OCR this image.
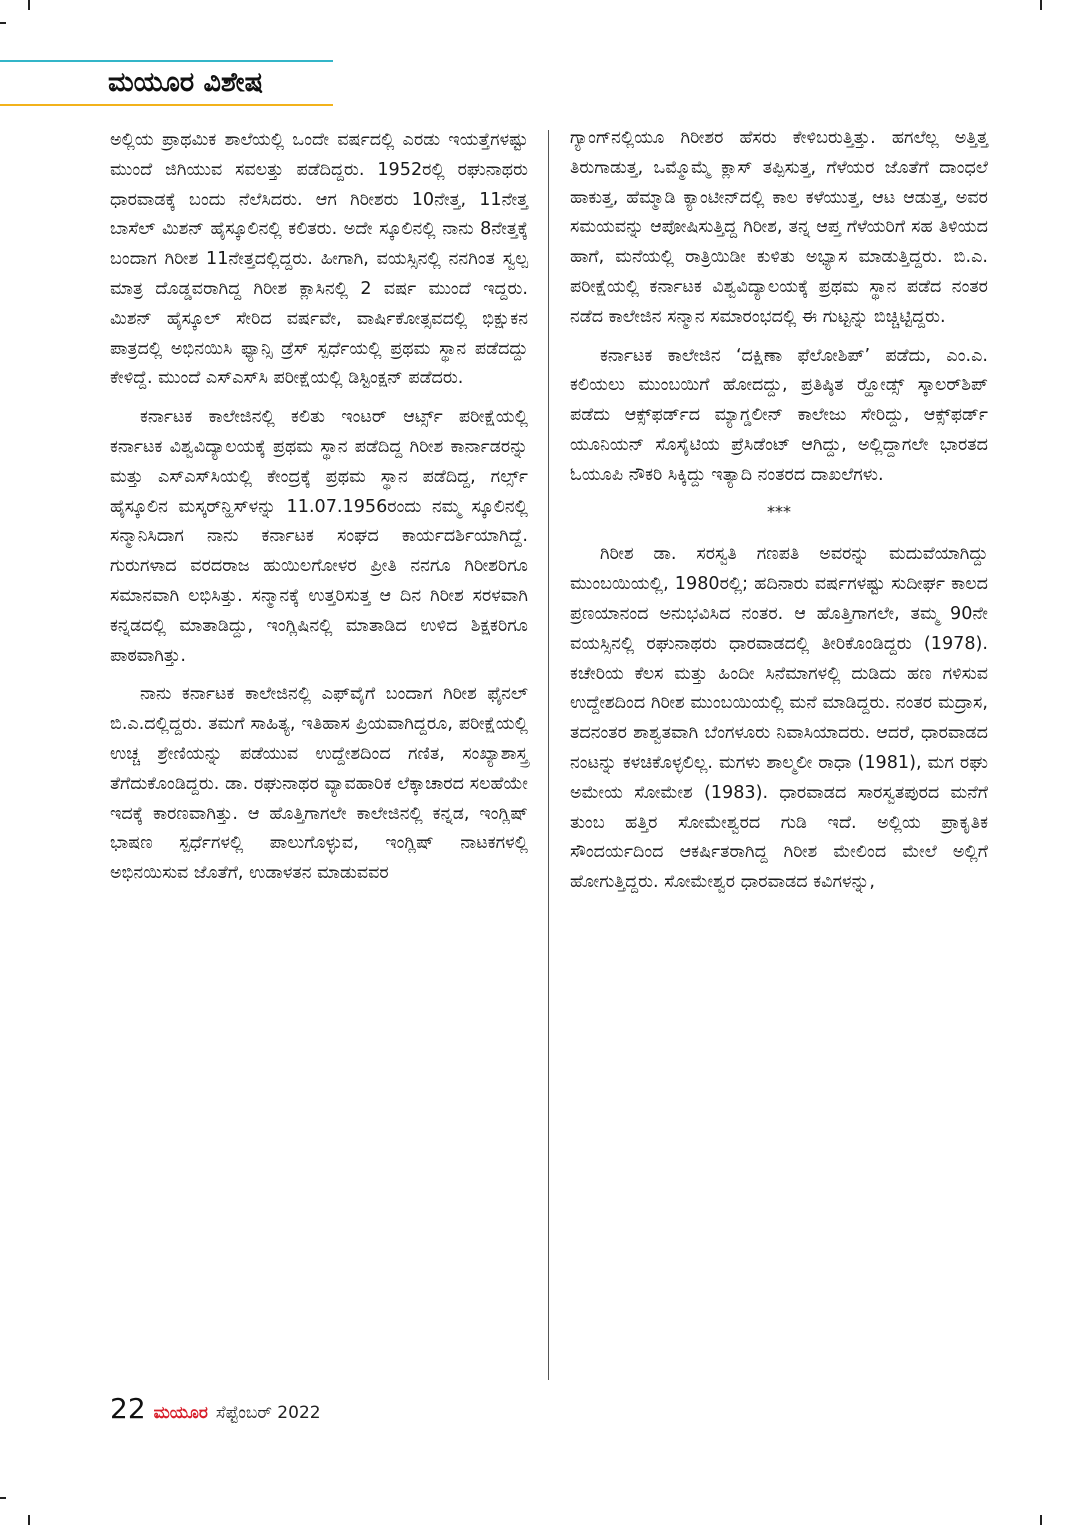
ಮಯೂರ ವಿಶೇಷ

ಅಲ್ಲಿಯ ಪ್ರಾಥಮಿಕ ಶಾಲೆಯಲ್ಲಿ ಒಂದೇ ವರ್ಷದಲ್ಲಿ ಎರಡು ಇಯತ್ತೆಗಳಷ್ಟು ಮುಂದೆ ಜಿಗಿಯುವ ಸವಲತ್ತು ಪಡೆದಿದ್ದರು. 1952ರಲ್ಲಿ ರಘುನಾಥರು ಧಾರವಾಡಕ್ಕೆ ಬಂದು ನೆಲೆಸಿದರು. ಆಗ ಗಿರೀಶರು 10ನೇತ್ತ, 11ನೇತ್ತ ಬಾಸೆಲ್ ಮಿಶನ್ ಹೈಸ್ಕೂಲಿನಲ್ಲಿ ಕಲಿತರು. ಅದೇ ಸ್ಕೂಲಿನಲ್ಲಿ ನಾನು 8ನೇತ್ತಕ್ಕೆ ಬಂದಾಗ ಗಿರೀಶ 11ನೇತ್ತದಲ್ಲಿದ್ದರು. ಹೀಗಾಗಿ, ವಯಸ್ಸಿನಲ್ಲಿ ನನಗಿಂತ ಸ್ವಲ್ಪ ಮಾತ್ರ ದೊಡ್ಡವರಾಗಿದ್ದ ಗಿರೀಶ ಕ್ಲಾಸಿನಲ್ಲಿ 2 ವರ್ಷ ಮುಂದೆ ಇದ್ದರು. ಮಿಶನ್ ಹೈಸ್ಕೂಲ್ ಸೇರಿದ ವರ್ಷವೇ, ವಾರ್ಷಿಕೋತ್ಸವದಲ್ಲಿ ಭಿಕ್ಷುಕನ ಪಾತ್ರದಲ್ಲಿ ಅಭಿನಯಿಸಿ ಫ್ಯಾನ್ಸಿ ಡ್ರೆಸ್ ಸ್ಪರ್ಧೆಯಲ್ಲಿ ಪ್ರಥಮ ಸ್ಥಾನ ಪಡೆದದ್ದು ಕೇಳಿದ್ದೆ. ಮುಂದೆ ಎಸ್‌ಎಸ್‌ಸಿ ಪರೀಕ್ಷೆಯಲ್ಲಿ ಡಿಸ್ಟಿಂಕ್ಷನ್ ಪಡೆದರು.

ಕರ್ನಾಟಕ ಕಾಲೇಜಿನಲ್ಲಿ ಕಲಿತು ಇಂಟರ್ ಆರ್ಟ್ಸ್ ಪರೀಕ್ಷೆಯಲ್ಲಿ ಕರ್ನಾಟಕ ವಿಶ್ವವಿದ್ಯಾಲಯಕ್ಕೆ ಪ್ರಥಮ ಸ್ಥಾನ ಪಡೆದಿದ್ದ ಗಿರೀಶ ಕಾರ್ನಾಡರನ್ನು ಮತ್ತು ಎಸ್‌ಎಸ್‌ಸಿಯಲ್ಲಿ ಕೇಂದ್ರಕ್ಕೆ ಪ್ರಥಮ ಸ್ಥಾನ ಪಡೆದಿದ್ದ, ಗರ್ಲ್ಸ್ ಹೈಸ್ಕೂಲಿನ ಮಸ್ಕರ್‌ನ್ಹಿಸ್‌ಳನ್ನು 11.07.1956ರಂದು ನಮ್ಮ ಸ್ಕೂಲಿನಲ್ಲಿ ಸನ್ಮಾನಿಸಿದಾಗ ನಾನು ಕರ್ನಾಟಕ ಸಂಘದ ಕಾರ್ಯದರ್ಶಿಯಾಗಿದ್ದೆ. ಗುರುಗಳಾದ ವರದರಾಜ ಹುಯಿಲಗೋಳರ ಪ್ರೀತಿ ನನಗೂ ಗಿರೀಶರಿಗೂ ಸಮಾನವಾಗಿ ಲಭಿಸಿತ್ತು. ಸನ್ಮಾನಕ್ಕೆ ಉತ್ತರಿಸುತ್ತ ಆ ದಿನ ಗಿರೀಶ ಸರಳವಾಗಿ ಕನ್ನಡದಲ್ಲಿ ಮಾತಾಡಿದ್ದು, ಇಂಗ್ಲಿಷಿನಲ್ಲಿ ಮಾತಾಡಿದ ಉಳಿದ ಶಿಕ್ಷಕರಿಗೂ ಪಾಠವಾಗಿತ್ತು.

ನಾನು ಕರ್ನಾಟಕ ಕಾಲೇಜಿನಲ್ಲಿ ಎಫ್‌ವೈಗೆ ಬಂದಾಗ ಗಿರೀಶ ಫೈನಲ್ ಬಿ.ಎ.ದಲ್ಲಿದ್ದರು. ತಮಗೆ ಸಾಹಿತ್ಯ, ಇತಿಹಾಸ ಪ್ರಿಯವಾಗಿದ್ದರೂ, ಪರೀಕ್ಷೆಯಲ್ಲಿ ಉಚ್ಚ ಶ್ರೇಣಿಯನ್ನು ಪಡೆಯುವ ಉದ್ದೇಶದಿಂದ ಗಣಿತ, ಸಂಖ್ಯಾಶಾಸ್ತ್ರ ತೆಗೆದುಕೊಂಡಿದ್ದರು. ಡಾ. ರಘುನಾಥರ ವ್ಯಾವಹಾರಿಕ ಲೆಕ್ಕಾಚಾರದ ಸಲಹೆಯೇ ಇದಕ್ಕೆ ಕಾರಣವಾಗಿತ್ತು. ಆ ಹೊತ್ತಿಗಾಗಲೇ ಕಾಲೇಜಿನಲ್ಲಿ ಕನ್ನಡ, ಇಂಗ್ಲಿಷ್ ಭಾಷಣ ಸ್ಪರ್ಧೆಗಳಲ್ಲಿ ಪಾಲುಗೊಳ್ಳುವ, ಇಂಗ್ಲಿಷ್ ನಾಟಕಗಳಲ್ಲಿ ಅಭಿನಯಿಸುವ ಜೊತೆಗೆ, ಉಡಾಳತನ ಮಾಡುವವರ

ಗ್ಯಾಂಗ್‌ನಲ್ಲಿಯೂ ಗಿರೀಶರ ಹೆಸರು ಕೇಳಿಬರುತ್ತಿತ್ತು. ಹಗಲೆಲ್ಲ ಅತ್ತಿತ್ತ ತಿರುಗಾಡುತ್ತ, ಒಮ್ಮೊಮ್ಮೆ ಕ್ಲಾಸ್ ತಪ್ಪಿಸುತ್ತ, ಗೆಳೆಯರ ಜೊತೆಗೆ ದಾಂಧಲೆ ಹಾಕುತ್ತ, ಹೆಮ್ಮಾಡಿ ಕ್ಯಾಂಟೀನ್‌ದಲ್ಲಿ ಕಾಲ ಕಳೆಯುತ್ತ, ಆಟ ಆಡುತ್ತ, ಅವರ ಸಮಯವನ್ನು ಆಪೋಷಿಸುತ್ತಿದ್ದ ಗಿರೀಶ, ತನ್ನ ಆಪ್ತ ಗೆಳೆಯರಿಗೆ ಸಹ ತಿಳಿಯದ ಹಾಗೆ, ಮನೆಯಲ್ಲಿ ರಾತ್ರಿಯಿಡೀ ಕುಳಿತು ಅಭ್ಯಾಸ ಮಾಡುತ್ತಿದ್ದರು. ಬಿ.ಎ. ಪರೀಕ್ಷೆಯಲ್ಲಿ ಕರ್ನಾಟಕ ವಿಶ್ವವಿದ್ಯಾಲಯಕ್ಕೆ ಪ್ರಥಮ ಸ್ಥಾನ ಪಡೆದ ನಂತರ ನಡೆದ ಕಾಲೇಜಿನ ಸನ್ಮಾನ ಸಮಾರಂಭದಲ್ಲಿ ಈ ಗುಟ್ಟನ್ನು ಬಿಚ್ಚಿಟ್ಟಿದ್ದರು.

ಕರ್ನಾಟಕ ಕಾಲೇಜಿನ ‘ದಕ್ಷಿಣಾ ಫೆಲೋಶಿಪ್’ ಪಡೆದು, ಎಂ.ಎ. ಕಲಿಯಲು ಮುಂಬಯಿಗೆ ಹೋದದ್ದು, ಪ್ರತಿಷ್ಠಿತ ರ್‍ಹೋಡ್ಸ್ ಸ್ಕಾಲರ್‌ಶಿಪ್ ಪಡೆದು ಆಕ್ಸ್‌ಫರ್ಡ್‌ದ ಮ್ಯಾಗ್ಡಲೀನ್ ಕಾಲೇಜು ಸೇರಿದ್ದು, ಆಕ್ಸ್‌ಫರ್ಡ್ ಯೂನಿಯನ್ ಸೊಸೈಟಿಯ ಪ್ರೆಸಿಡೆಂಟ್ ಆಗಿದ್ದು, ಅಲ್ಲಿದ್ದಾಗಲೇ ಭಾರತದ ಓಯೂಪಿ ನೌಕರಿ ಸಿಕ್ಕಿದ್ದು ಇತ್ಯಾದಿ ನಂತರದ ದಾಖಲೆಗಳು.

***

ಗಿರೀಶ ಡಾ. ಸರಸ್ವತಿ ಗಣಪತಿ ಅವರನ್ನು ಮದುವೆಯಾಗಿದ್ದು ಮುಂಬಯಿಯಲ್ಲಿ, 1980ರಲ್ಲಿ; ಹದಿನಾರು ವರ್ಷಗಳಷ್ಟು ಸುದೀರ್ಘ ಕಾಲದ ಪ್ರಣಯಾನಂದ ಅನುಭವಿಸಿದ ನಂತರ. ಆ ಹೊತ್ತಿಗಾಗಲೇ, ತಮ್ಮ 90ನೇ ವಯಸ್ಸಿನಲ್ಲಿ ರಘುನಾಥರು ಧಾರವಾಡದಲ್ಲಿ ತೀರಿಕೊಂಡಿದ್ದರು (1978). ಕಚೇರಿಯ ಕೆಲಸ ಮತ್ತು ಹಿಂದೀ ಸಿನೆಮಾಗಳಲ್ಲಿ ದುಡಿದು ಹಣ ಗಳಿಸುವ ಉದ್ದೇಶದಿಂದ ಗಿರೀಶ ಮುಂಬಯಿಯಲ್ಲಿ ಮನೆ ಮಾಡಿದ್ದರು. ನಂತರ ಮದ್ರಾಸ, ತದನಂತರ ಶಾಶ್ವತವಾಗಿ ಬೆಂಗಳೂರು ನಿವಾಸಿಯಾದರು. ಆದರೆ, ಧಾರವಾಡದ ನಂಟನ್ನು ಕಳಚಿಕೊಳ್ಳಲಿಲ್ಲ. ಮಗಳು ಶಾಲ್ಮಲೀ ರಾಧಾ (1981), ಮಗ ರಘು ಅಮೇಯ ಸೋಮೇಶ (1983). ಧಾರವಾಡದ ಸಾರಸ್ವತಪುರದ ಮನೆಗೆ ತುಂಬ ಹತ್ತಿರ ಸೋಮೇಶ್ವರದ ಗುಡಿ ಇದೆ. ಅಲ್ಲಿಯ ಪ್ರಾಕೃತಿಕ ಸೌಂದರ್ಯದಿಂದ ಆಕರ್ಷಿತರಾಗಿದ್ದ ಗಿರೀಶ ಮೇಲಿಂದ ಮೇಲೆ ಅಲ್ಲಿಗೆ ಹೋಗುತ್ತಿದ್ದರು. ಸೋಮೇಶ್ವರ ಧಾರವಾಡದ ಕವಿಗಳನ್ನು,

22 ಮಯೂರ ಸೆಪ್ಟೆಂಬರ್ 2022
